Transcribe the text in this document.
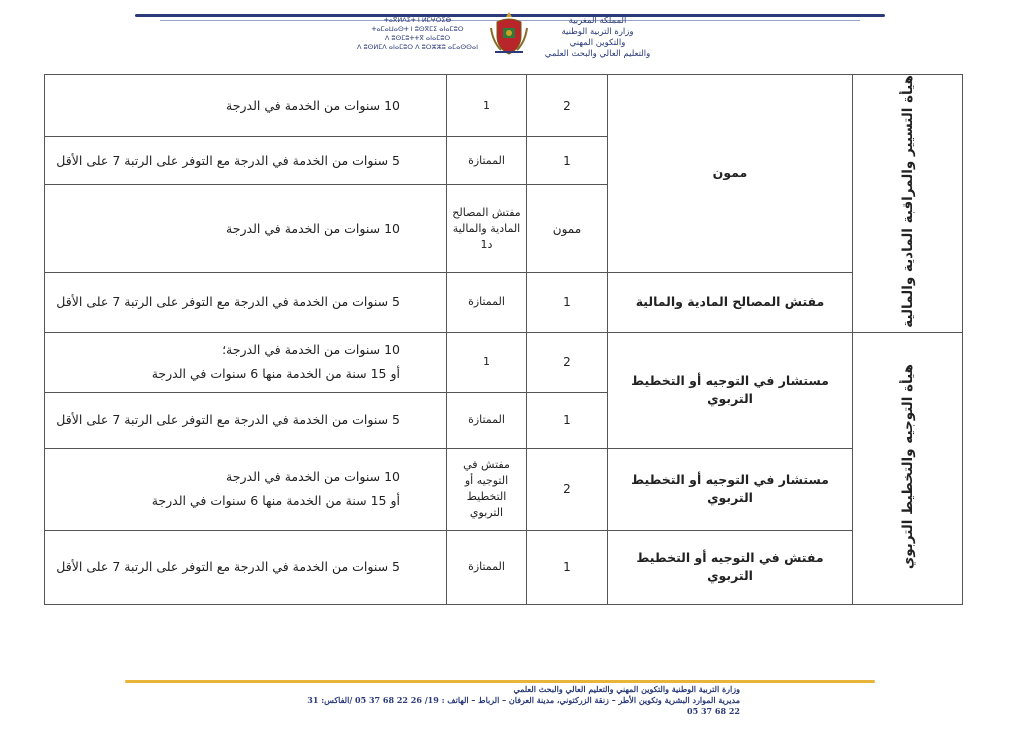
ⵜⴰⴳⵍⴷⵉⵜ ⵏ ⵍⵎⵖⵔⵉⴱ
ⵜⴰⵎⴰⵡⴰⵙⵜ ⵏ ⵓⵙⴳⵎⵉ ⴰⵏⴰⵎⵓⵔ
ⴷ ⵓⵙⵎⵓⵜⵜⴳ ⴰⵏⴰⵎⵓⵔ
ⴷ ⵓⵙⵍⵎⴷ ⴰⵏⴰⵎⵓⵔ ⴷ ⵓⵔⵣⵣⵓ ⴰⵎⴰⵙⵙⴰⵏ
المملكة المغربية
وزارة التربية الوطنية
والتكوين المهني
والتعليم العالي والبحث العلمي
هيأة التسيير والمراقبة المادية والمالية	ممون	2	1	10 سنوات من الخدمة في الدرجة

		1	الممتازة	5 سنوات من الخدمة في الدرجة مع التوفر على الرتبة 7 على الأقل

		ممون	مفتش المصالح المادية والمالية د1	10 سنوات من الخدمة في الدرجة

	مفتش المصالح المادية والمالية	1	الممتازة	5 سنوات من الخدمة في الدرجة مع التوفر على الرتبة 7 على الأقل

هيأة التوجيه والتخطيط التربوي	مستشار في التوجيه أو التخطيط التربوي	2	1	10 سنوات من الخدمة في الدرجة؛
أو 15 سنة من الخدمة منها 6 سنوات في الدرجة

		1	الممتازة	5 سنوات من الخدمة في الدرجة مع التوفر على الرتبة 7 على الأقل

	مستشار في التوجيه أو التخطيط التربوي	2	مفتش في التوجيه أو التخطيط التربوي	10 سنوات من الخدمة في الدرجة
أو 15 سنة من الخدمة منها 6 سنوات في الدرجة

	مفتش في التوجيه أو التخطيط التربوي	1	الممتازة	5 سنوات من الخدمة في الدرجة مع التوفر على الرتبة 7 على الأقل
وزارة التربية الوطنية والتكوين المهني والتعليم العالي والبحث العلمي
مديرية الموارد البشرية وتكوين الأطر – زنقة الزركتوني، مدينة العرفان – الرباط – الهاتف : 19/ 26 22 68 37 05 /الفاكس: 31 22 68 37 05
